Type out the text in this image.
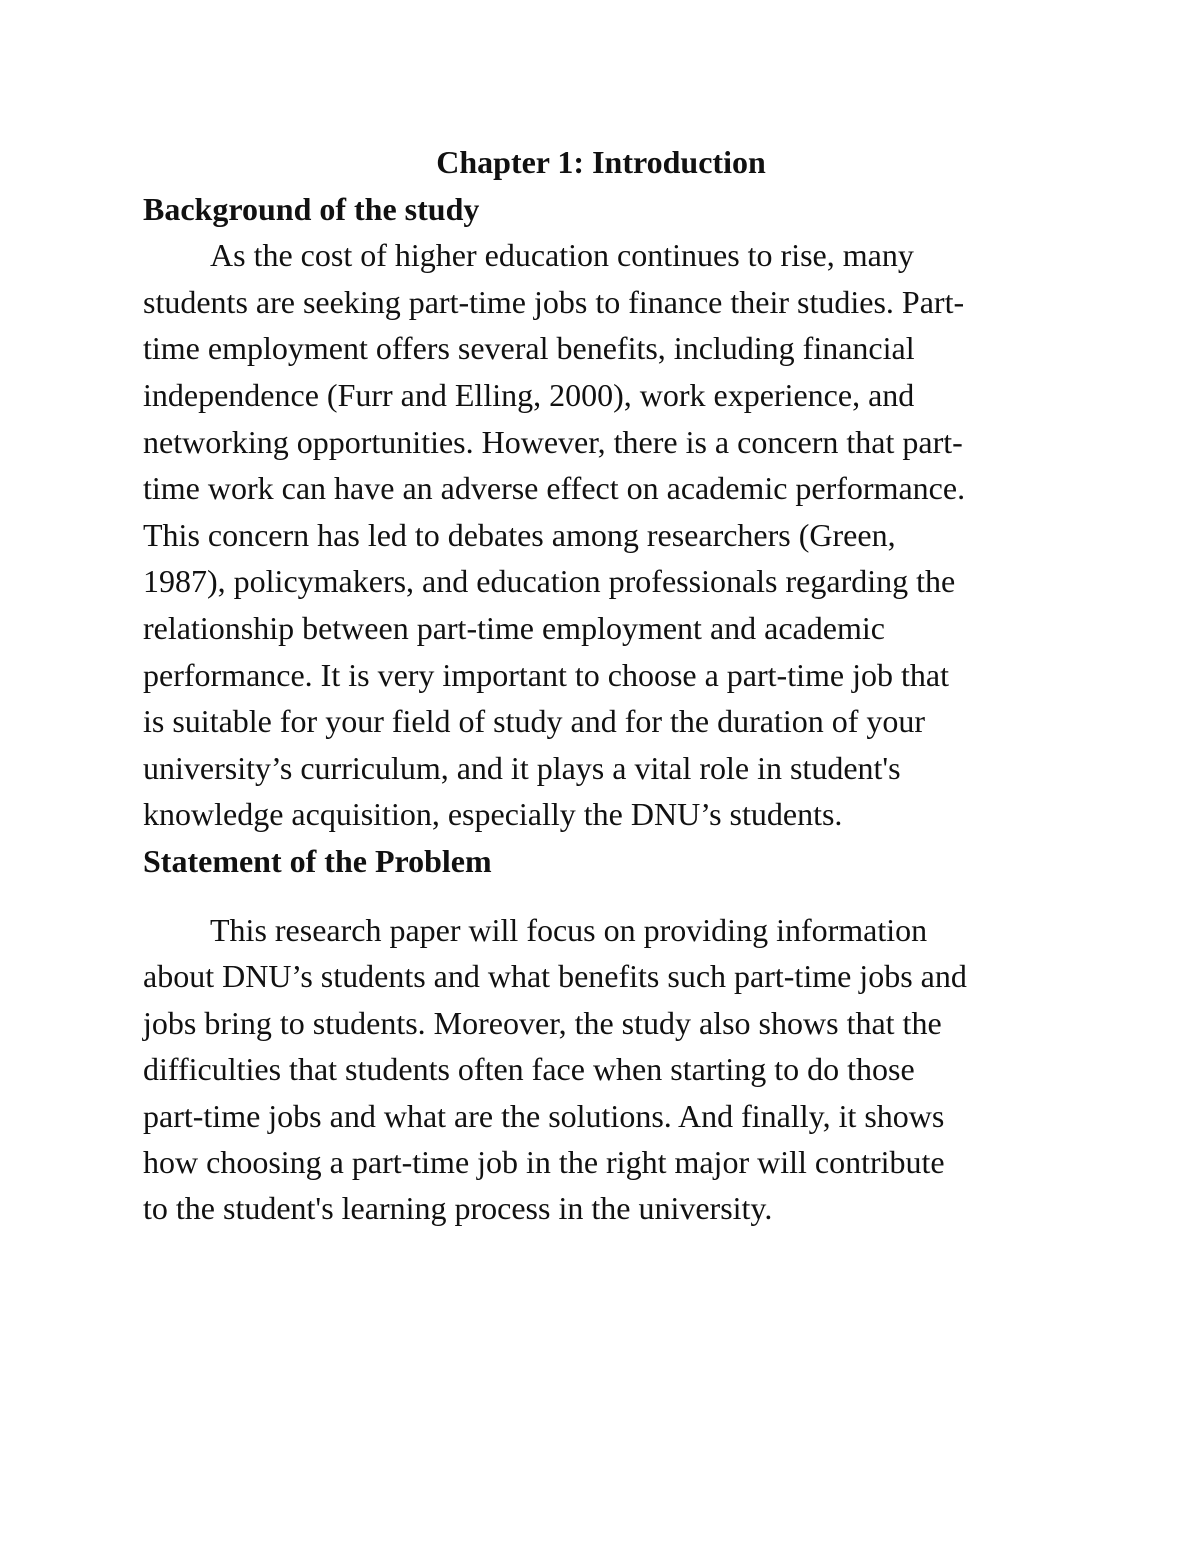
Chapter 1: Introduction
Background of the study
As the cost of higher education continues to rise, many
students are seeking part-time jobs to finance their studies. Part-
time employment offers several benefits, including financial
independence (Furr and Elling, 2000), work experience, and
networking opportunities. However, there is a concern that part-
time work can have an adverse effect on academic performance.
This concern has led to debates among researchers (Green,
1987), policymakers, and education professionals regarding the
relationship between part-time employment and academic
performance. It is very important to choose a part-time job that
is suitable for your field of study and for the duration of your
university’s curriculum, and it plays a vital role in student's
knowledge acquisition, especially the DNU’s students.
Statement of the Problem
This research paper will focus on providing information
about DNU’s students and what benefits such part-time jobs and
jobs bring to students. Moreover, the study also shows that the
difficulties that students often face when starting to do those
part-time jobs and what are the solutions. And finally, it shows
how choosing a part-time job in the right major will contribute
to the student's learning process in the university.
